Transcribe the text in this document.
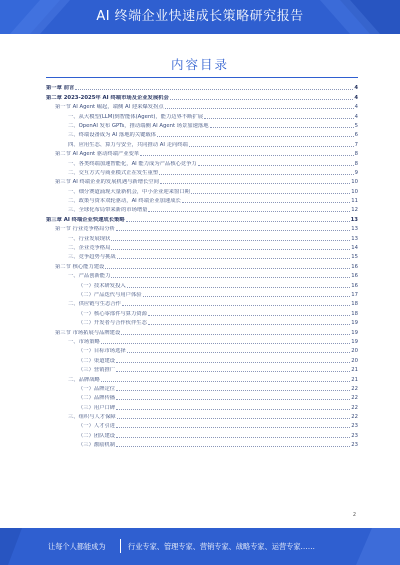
AI 终端企业快速成长策略研究报告
内容目录
第一章 前言	4
第二章 2023-2025年 AI 终端市场及企业发展机会	4
第一节 AI Agent 崛起，端侧 AI 迎来爆发拐点	4
一、从大模型(LLM)到智能体(Agent)，能力边界不断扩展	4
二、OpenAI 发布 GPTs，推动端侧 AI Agent 场景加速落地	5
三、终端设备成为 AI 落地的关键载体	6
四、应用生态、算力与安全，共同推动 AI 走向终端	7
第二节 AI Agent 驱动终端产业变革	8
一、各类终端加速智能化，AI 能力成为产品核心竞争力	8
二、交互方式与商业模式正在发生重塑	9
第三节 AI 终端企业的发展机遇与新增长空间	10
一、细分赛道涌现大量新机会，中小企业迎来窗口期	10
二、政策与资本双轮驱动，AI 终端企业加速成长	11
三、全球化布局带来新的市场增量	12
第三章 AI 终端企业快速成长策略	13
第一节 行业竞争格局分析	13
一、行业发展现状	13
二、企业竞争格局	14
三、竞争趋势与挑战	15
第二节 核心能力建设	16
一、产品创新能力	16
（一）技术研发投入	16
（二）产品迭代与用户体验	17
二、供应链与生态合作	18
（一）核心零部件与算力资源	18
（二）开发者与合作伙伴生态	19
第三节 市场拓展与品牌建设	19
一、市场策略	19
（一）目标市场选择	20
（二）渠道建设	20
（三）营销推广	21
二、品牌战略	21
（一）品牌定位	22
（二）品牌传播	22
（三）用户口碑	22
三、组织与人才保障	22
（一）人才引进	23
（二）团队建设	23
（三）激励机制	23
2
让每个人都能成为	行业专家、管理专家、营销专家、战略专家、运营专家……
